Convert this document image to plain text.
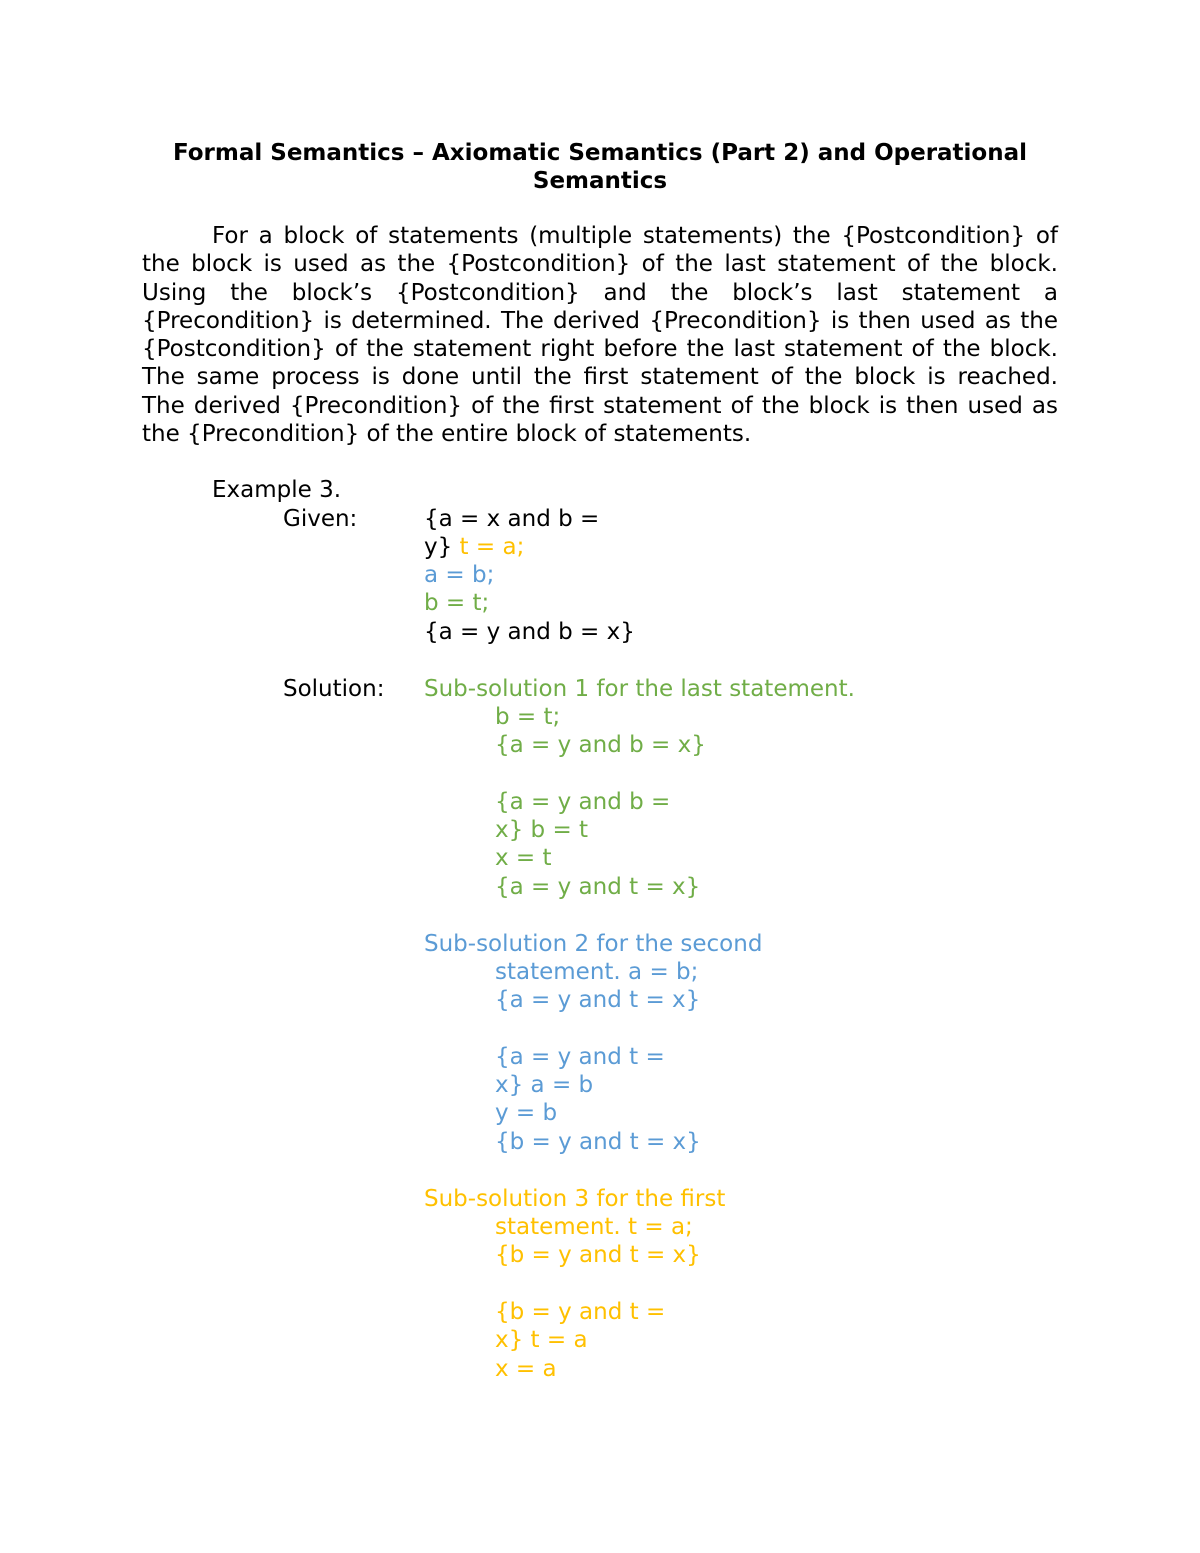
Formal Semantics – Axiomatic Semantics (Part 2) and Operational
Semantics
For a block of statements (multiple statements) the {Postcondition} of
the block is used as the {Postcondition} of the last statement of the block.
Using the block’s {Postcondition} and the block’s last statement a
{Precondition} is determined. The derived {Precondition} is then used as the
{Postcondition} of the statement right before the last statement of the block.
The same process is done until the first statement of the block is reached.
The derived {Precondition} of the first statement of the block is then used as
the {Precondition} of the entire block of statements.
Example 3.
Given:	{a = x and b =
y} t = a;
a = b;
b = t;
{a = y and b = x}
Solution: Sub-solution 1 for the last statement.
b = t;
{a = y and b = x}
{a = y and b =
x} b = t
x = t
{a = y and t = x}
Sub-solution 2 for the second
statement. a = b;
{a = y and t = x}
{a = y and t =
x} a = b
y = b
{b = y and t = x}
Sub-solution 3 for the first
statement. t = a;
{b = y and t = x}
{b = y and t =
x} t = a
x = a
